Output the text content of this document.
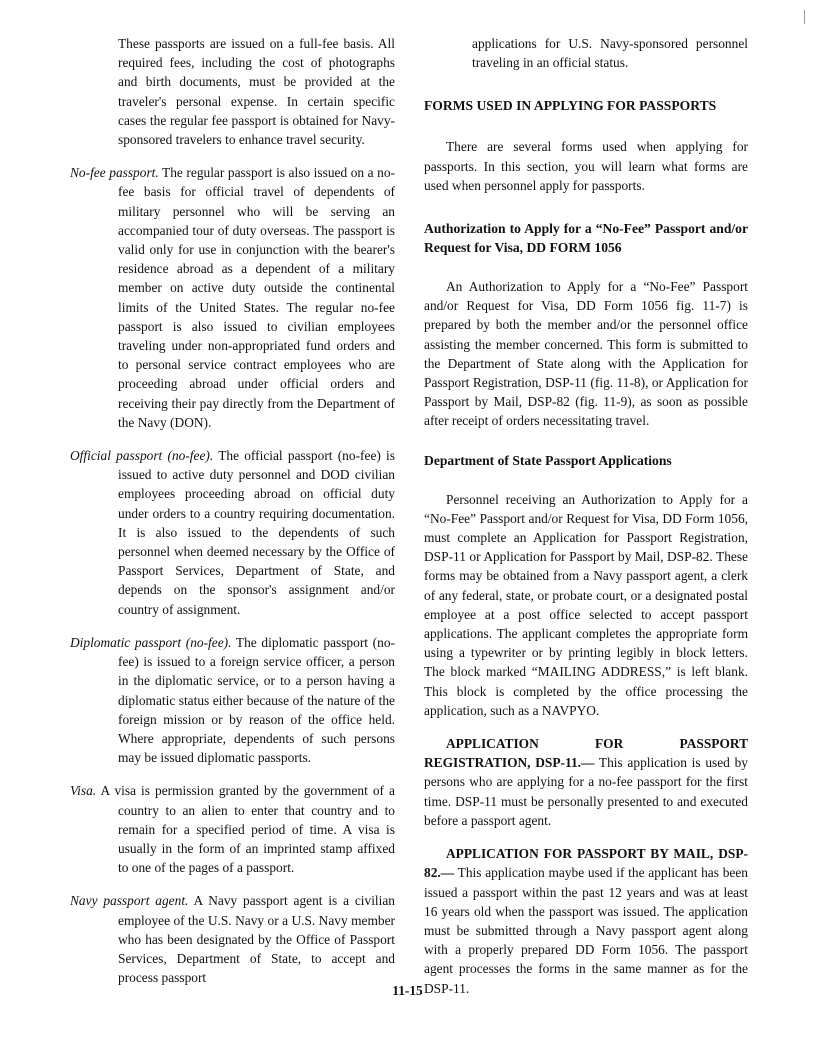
These passports are issued on a full-fee basis. All required fees, including the cost of photographs and birth documents, must be provided at the traveler's personal expense. In certain specific cases the regular fee passport is obtained for Navy-sponsored travelers to enhance travel security.

No-fee passport. The regular passport is also issued on a no-fee basis for official travel of dependents of military personnel who will be serving an accompanied tour of duty overseas. The passport is valid only for use in conjunction with the bearer's residence abroad as a dependent of a military member on active duty outside the continental limits of the United States. The regular no-fee passport is also issued to civilian employees traveling under non-appropriated fund orders and to personal service contract employees who are proceeding abroad under official orders and receiving their pay directly from the Department of the Navy (DON).

Official passport (no-fee). The official passport (no-fee) is issued to active duty personnel and DOD civilian employees proceeding abroad on official duty under orders to a country requiring documentation. It is also issued to the dependents of such personnel when deemed necessary by the Office of Passport Services, Department of State, and depends on the sponsor's assignment and/or country of assignment.

Diplomatic passport (no-fee). The diplomatic passport (no-fee) is issued to a foreign service officer, a person in the diplomatic service, or to a person having a diplomatic status either because of the nature of the foreign mission or by reason of the office held. Where appropriate, dependents of such persons may be issued diplomatic passports.

Visa. A visa is permission granted by the government of a country to an alien to enter that country and to remain for a specified period of time. A visa is usually in the form of an imprinted stamp affixed to one of the pages of a passport.

Navy passport agent. A Navy passport agent is a civilian employee of the U.S. Navy or a U.S. Navy member who has been designated by the Office of Passport Services, Department of State, to accept and process passport

applications for U.S. Navy-sponsored personnel traveling in an official status.

FORMS USED IN APPLYING FOR PASSPORTS

There are several forms used when applying for passports. In this section, you will learn what forms are used when personnel apply for passports.

Authorization to Apply for a “No-Fee” Passport and/or Request for Visa, DD FORM 1056

An Authorization to Apply for a “No-Fee” Passport and/or Request for Visa, DD Form 1056 fig. 11-7) is prepared by both the member and/or the personnel office assisting the member concerned. This form is submitted to the Department of State along with the Application for Passport Registration, DSP-11 (fig. 11-8), or Application for Passport by Mail, DSP-82 (fig. 11-9), as soon as possible after receipt of orders necessitating travel.

Department of State Passport Applications

Personnel receiving an Authorization to Apply for a “No-Fee” Passport and/or Request for Visa, DD Form 1056, must complete an Application for Passport Registration, DSP-11 or Application for Passport by Mail, DSP-82. These forms may be obtained from a Navy passport agent, a clerk of any federal, state, or probate court, or a designated postal employee at a post office selected to accept passport applications. The applicant completes the appropriate form using a typewriter or by printing legibly in block letters. The block marked “MAILING ADDRESS,” is left blank. This block is completed by the office processing the application, such as a NAVPYO.

APPLICATION FOR PASSPORT REGISTRATION, DSP-11.— This application is used by persons who are applying for a no-fee passport for the first time. DSP-11 must be personally presented to and executed before a passport agent.

APPLICATION FOR PASSPORT BY MAIL, DSP-82.— This application maybe used if the applicant has been issued a passport within the past 12 years and was at least 16 years old when the passport was issued. The application must be submitted through a Navy passport agent along with a properly prepared DD Form 1056. The passport agent processes the forms in the same manner as for the DSP-11.

11-15
